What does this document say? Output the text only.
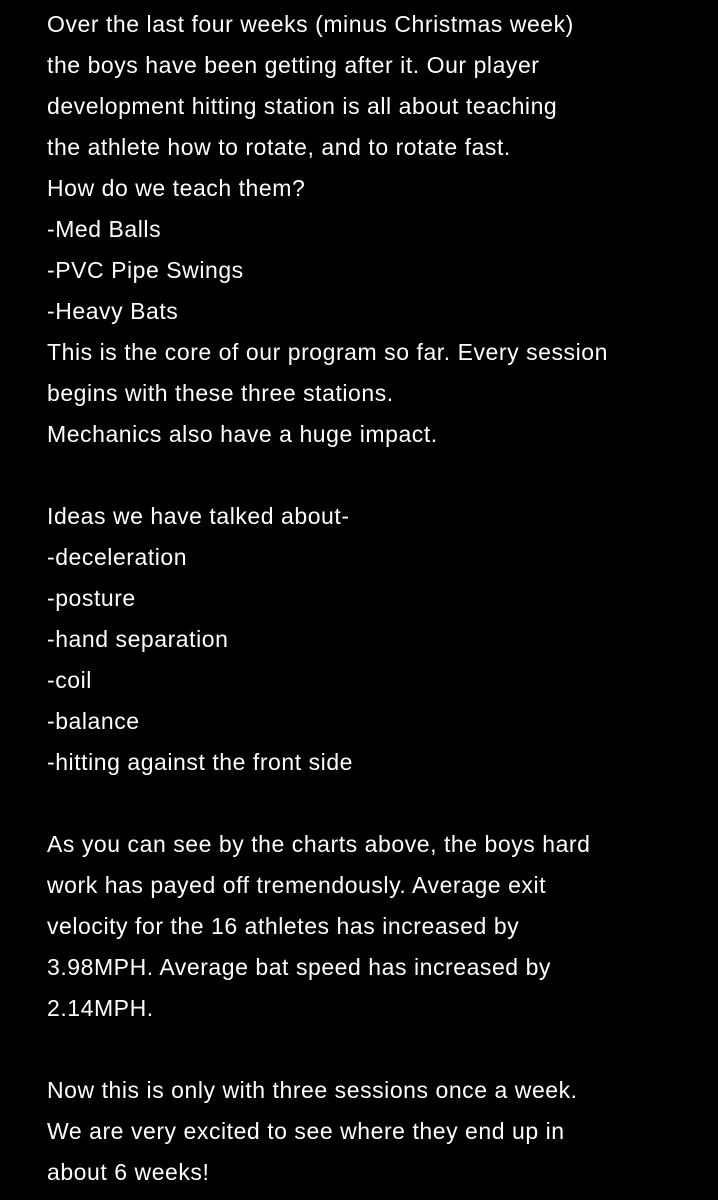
Over the last four weeks (minus Christmas week)
the boys have been getting after it. Our player
development hitting station is all about teaching
the athlete how to rotate, and to rotate fast.
How do we teach them?
-Med Balls
-PVC Pipe Swings
-Heavy Bats
This is the core of our program so far. Every session
begins with these three stations.
Mechanics also have a huge impact.
Ideas we have talked about-
-deceleration
-posture
-hand separation
-coil
-balance
-hitting against the front side
As you can see by the charts above, the boys hard
work has payed off tremendously. Average exit
velocity for the 16 athletes has increased by
3.98MPH. Average bat speed has increased by
2.14MPH.
Now this is only with three sessions once a week.
We are very excited to see where they end up in
about 6 weeks!
